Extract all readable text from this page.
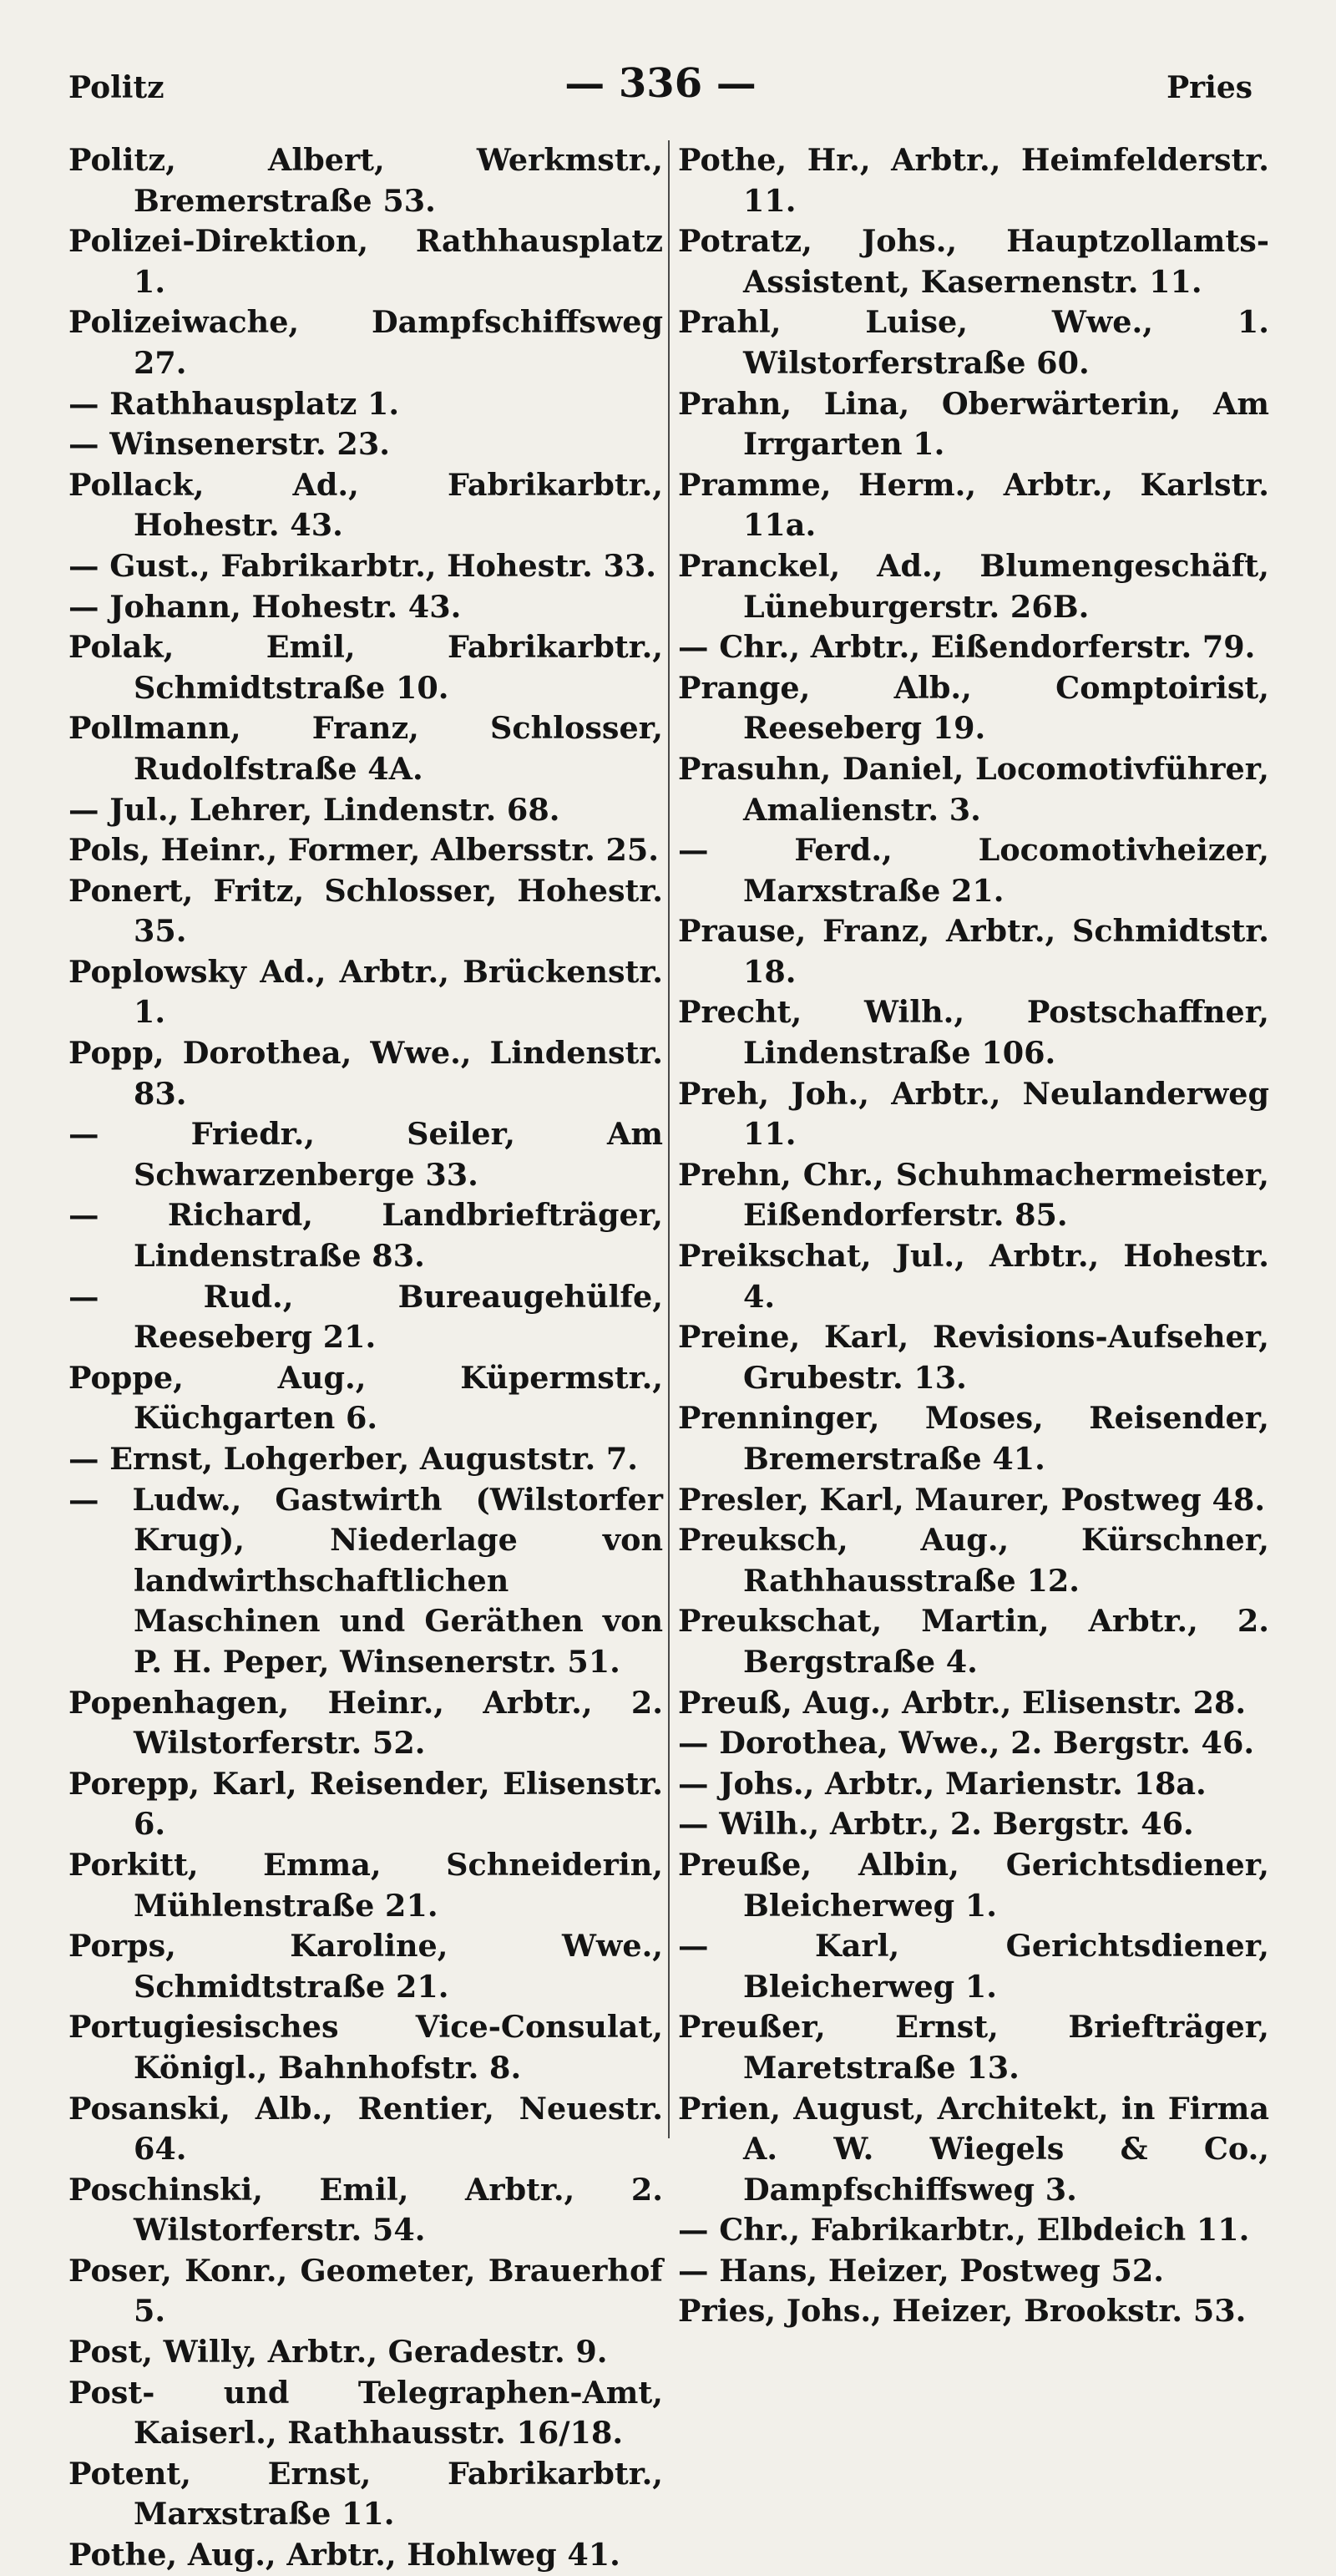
Politz	— 336 —	Pries
Politz, Albert, Werkmstr., Bremerstraße 53.
Polizei-Direktion, Rathhausplatz 1.
Polizeiwache, Dampfschiffsweg 27.
— Rathhausplatz 1.
— Winsenerstr. 23.
Pollack, Ad., Fabrikarbtr., Hohestr. 43.
— Gust., Fabrikarbtr., Hohestr. 33.
— Johann, Hohestr. 43.
Polak, Emil, Fabrikarbtr., Schmidtstraße 10.
Pollmann, Franz, Schlosser, Rudolfstraße 4A.
— Jul., Lehrer, Lindenstr. 68.
Pols, Heinr., Former, Albersstr. 25.
Ponert, Fritz, Schlosser, Hohestr. 35.
Poplowsky Ad., Arbtr., Brückenstr. 1.
Popp, Dorothea, Wwe., Lindenstr. 83.
— Friedr., Seiler, Am Schwarzenberge 33.
— Richard, Landbriefträger, Lindenstraße 83.
— Rud., Bureaugehülfe, Reeseberg 21.
Poppe, Aug., Küpermstr., Küchgarten 6.
— Ernst, Lohgerber, Auguststr. 7.
— Ludw., Gastwirth (Wilstorfer Krug), Niederlage von landwirthschaftlichen Maschinen und Geräthen von P. H. Peper, Winsenerstr. 51.
Popenhagen, Heinr., Arbtr., 2. Wilstorferstr. 52.
Porepp, Karl, Reisender, Elisenstr. 6.
Porkitt, Emma, Schneiderin, Mühlenstraße 21.
Porps, Karoline, Wwe., Schmidtstraße 21.
Portugiesisches Vice-Consulat, Königl., Bahnhofstr. 8.
Posanski, Alb., Rentier, Neuestr. 64.
Poschinski, Emil, Arbtr., 2. Wilstorferstr. 54.
Poser, Konr., Geometer, Brauerhof 5.
Post, Willy, Arbtr., Geradestr. 9.
Post- und Telegraphen-Amt, Kaiserl., Rathhausstr. 16/18.
Potent, Ernst, Fabrikarbtr., Marxstraße 11.
Pothe, Aug., Arbtr., Hohlweg 41.
Pothe, Hr., Arbtr., Heimfelderstr. 11.
Potratz, Johs., Hauptzollamts-Assistent, Kasernenstr. 11.
Prahl, Luise, Wwe., 1. Wilstorferstraße 60.
Prahn, Lina, Oberwärterin, Am Irrgarten 1.
Pramme, Herm., Arbtr., Karlstr. 11a.
Pranckel, Ad., Blumengeschäft, Lüneburgerstr. 26B.
— Chr., Arbtr., Eißendorferstr. 79.
Prange, Alb., Comptoirist, Reeseberg 19.
Prasuhn, Daniel, Locomotivführer, Amalienstr. 3.
— Ferd., Locomotivheizer, Marxstraße 21.
Prause, Franz, Arbtr., Schmidtstr. 18.
Precht, Wilh., Postschaffner, Lindenstraße 106.
Preh, Joh., Arbtr., Neulanderweg 11.
Prehn, Chr., Schuhmachermeister, Eißendorferstr. 85.
Preikschat, Jul., Arbtr., Hohestr. 4.
Preine, Karl, Revisions-Aufseher, Grubestr. 13.
Prenninger, Moses, Reisender, Bremerstraße 41.
Presler, Karl, Maurer, Postweg 48.
Preuksch, Aug., Kürschner, Rathhausstraße 12.
Preukschat, Martin, Arbtr., 2. Bergstraße 4.
Preuß, Aug., Arbtr., Elisenstr. 28.
— Dorothea, Wwe., 2. Bergstr. 46.
— Johs., Arbtr., Marienstr. 18a.
— Wilh., Arbtr., 2. Bergstr. 46.
Preuße, Albin, Gerichtsdiener, Bleicherweg 1.
— Karl, Gerichtsdiener, Bleicherweg 1.
Preußer, Ernst, Briefträger, Maretstraße 13.
Prien, August, Architekt, in Firma A. W. Wiegels & Co., Dampfschiffsweg 3.
— Chr., Fabrikarbtr., Elbdeich 11.
— Hans, Heizer, Postweg 52.
Pries, Johs., Heizer, Brookstr. 53.
